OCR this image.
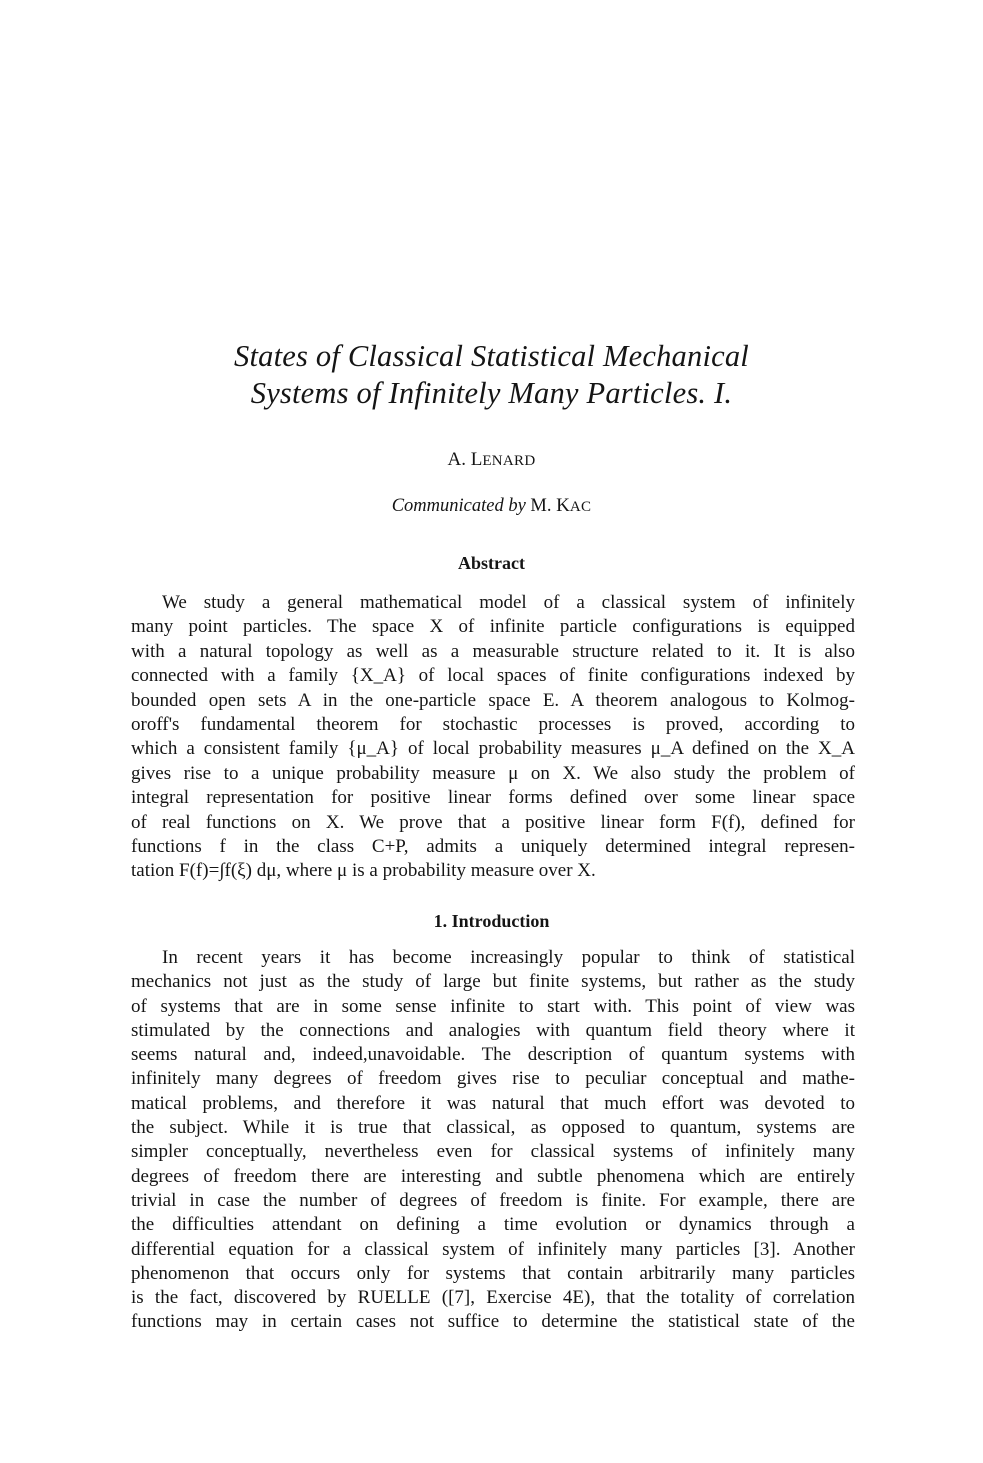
States of Classical Statistical Mechanical
Systems of Infinitely Many Particles. I.
A. LENARD
Communicated by M. KAC
Abstract
We study a general mathematical model of a classical system of infinitely
many point particles. The space X of infinite particle configurations is equipped
with a natural topology as well as a measurable structure related to it. It is also
connected with a family {X_A} of local spaces of finite configurations indexed by
bounded open sets A in the one-particle space E. A theorem analogous to Kolmog-
oroff's fundamental theorem for stochastic processes is proved, according to
which a consistent family {μ_A} of local probability measures μ_A defined on the X_A
gives rise to a unique probability measure μ on X. We also study the problem of
integral representation for positive linear forms defined over some linear space
of real functions on X. We prove that a positive linear form F(f), defined for
functions f in the class C+P, admits a uniquely determined integral represen-
tation F(f)=∫f(ξ) dμ, where μ is a probability measure over X.
1. Introduction
In recent years it has become increasingly popular to think of statistical
mechanics not just as the study of large but finite systems, but rather as the study
of systems that are in some sense infinite to start with. This point of view was
stimulated by the connections and analogies with quantum field theory where it
seems natural and, indeed,unavoidable. The description of quantum systems with
infinitely many degrees of freedom gives rise to peculiar conceptual and mathe-
matical problems, and therefore it was natural that much effort was devoted to
the subject. While it is true that classical, as opposed to quantum, systems are
simpler conceptually, nevertheless even for classical systems of infinitely many
degrees of freedom there are interesting and subtle phenomena which are entirely
trivial in case the number of degrees of freedom is finite. For example, there are
the difficulties attendant on defining a time evolution or dynamics through a
differential equation for a classical system of infinitely many particles [3]. Another
phenomenon that occurs only for systems that contain arbitrarily many particles
is the fact, discovered by RUELLE ([7], Exercise 4E), that the totality of correlation
functions may in certain cases not suffice to determine the statistical state of the
